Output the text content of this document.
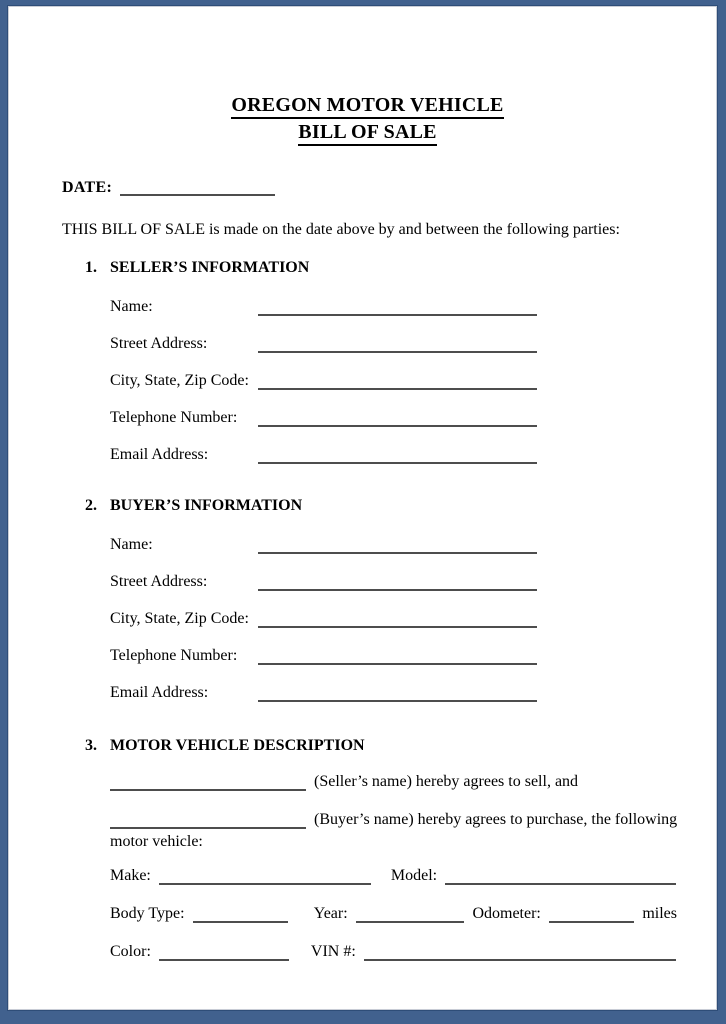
OREGON MOTOR VEHICLE
BILL OF SALE
DATE:

THIS BILL OF SALE is made on the date above by and between the following parties:

1. SELLER’S INFORMATION
Name:
Street Address:
City, State, Zip Code:
Telephone Number:
Email Address:
2. BUYER’S INFORMATION
Name:
Street Address:
City, State, Zip Code:
Telephone Number:
Email Address:
3. MOTOR VEHICLE DESCRIPTION
(Seller’s name) hereby agrees to sell, and
(Buyer’s name) hereby agrees to purchase, the following
motor vehicle:
Make:	Model:
Body Type:	Year:	Odometer:	miles
Color:	VIN #:
